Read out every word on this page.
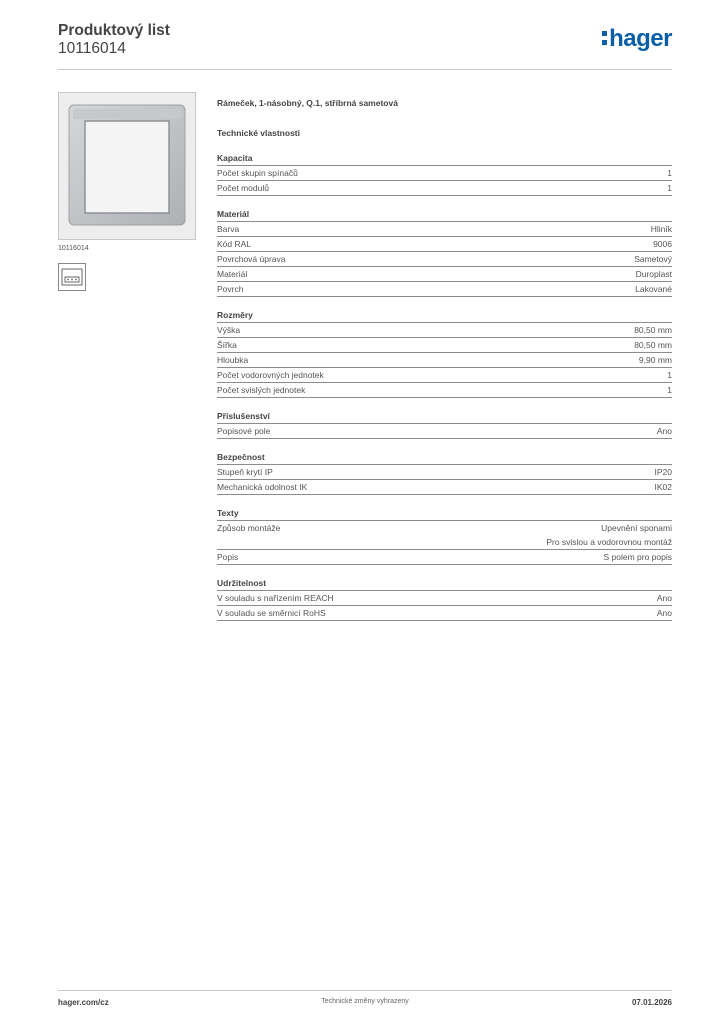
Produktový list
10116014	hager
10116014
Rámeček, 1-násobný, Q.1, stříbrná sametová
Technické vlastnosti
Kapacita
Počet skupin spínačů	1
Počet modulů	1
Materiál
Barva	Hliník
Kód RAL	9006
Povrchová úprava	Sametový
Materiál	Duroplast
Povrch	Lakované
Rozměry
Výška	80,50 mm
Šířka	80,50 mm
Hloubka	9,90 mm
Počet vodorovných jednotek	1
Počet svislých jednotek	1
Příslušenství
Popisové pole	Ano
Bezpečnost
Stupeň krytí IP	IP20
Mechanická odolnost IK	IK02
Texty
Způsob montáže	Upevnění sponami
Pro svislou a vodorovnou montáž
Popis	S polem pro popis
Udržitelnost
V souladu s nařízením REACH	Ano
V souladu se směrnicí RoHS	Ano
Technické změny vyhrazeny
hager.com/cz	07.01.2026
